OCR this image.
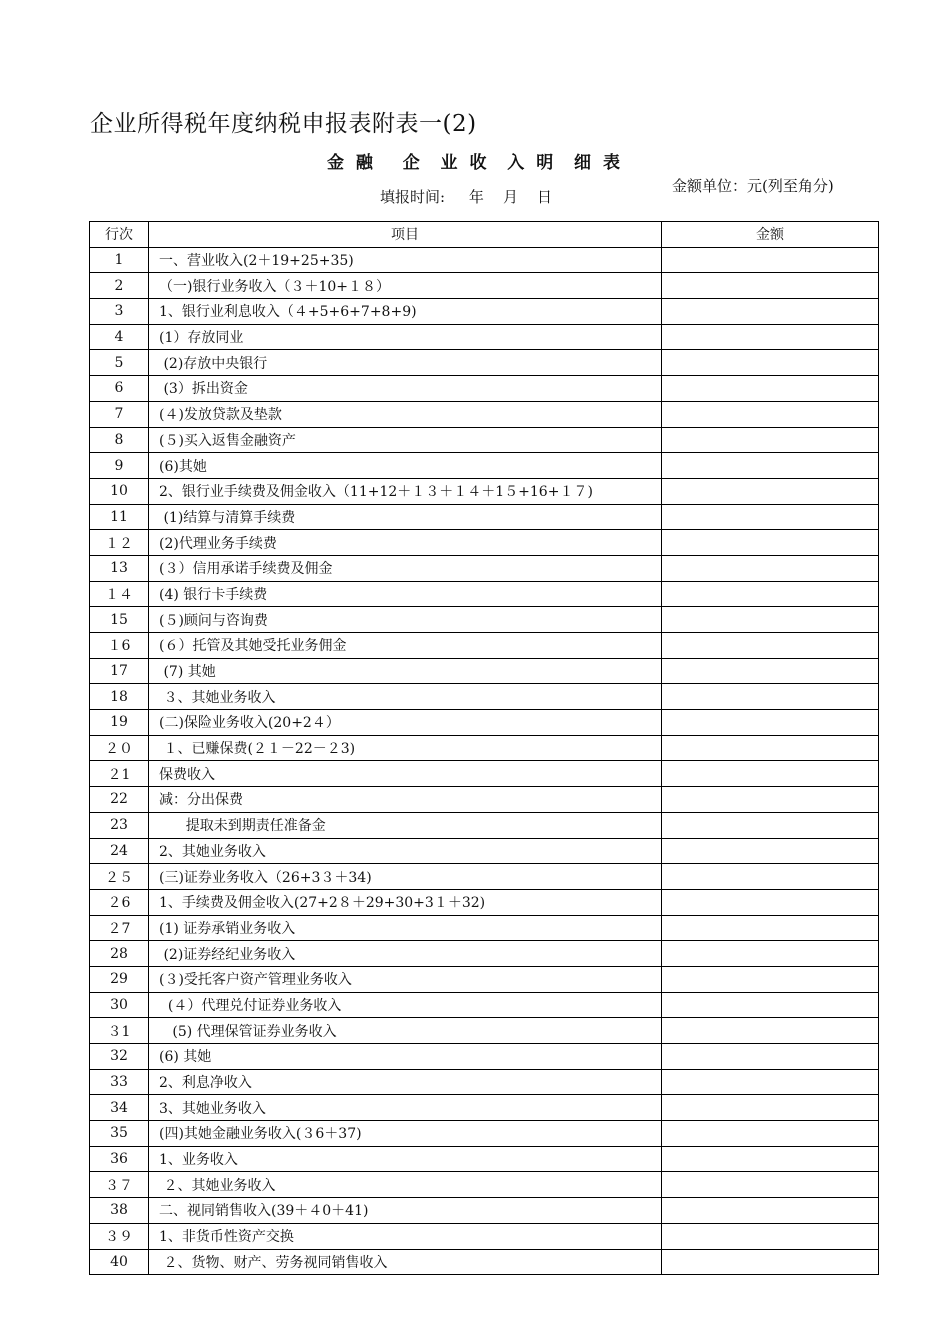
企业所得税年度纳税申报表附表一(2)
金 融   企  业 收  入 明  细 表
填报时间:     年    月    日
金额单位：元(列至角分)
行次	项目	金额
1	一、营业收入(2＋19+25+35)	
2	（一)银行业务收入（３＋10+１８）	
3	1、银行业利息收入（４+5+6+7+8+9)	
4	(1）存放同业	
5	(2)存放中央银行	
6	(3）拆出资金	
7	(４)发放贷款及垫款	
8	(５)买入返售金融资产	
9	(6)其她	
10	2、银行业手续费及佣金收入（11+12＋１３＋１４＋1５+16+１７)	
11	(1)结算与清算手续费	
１２	(2)代理业务手续费	
13	(３）信用承诺手续费及佣金	
１４	(4) 银行卡手续费	
15	(５)顾问与咨询费	
１6	(６）托管及其她受托业务佣金	
17	(7) 其她	
18	３、其她业务收入	
19	(二)保险业务收入(20+2４）	
２０	１、已赚保费(２１－22－２3)	
２1	保费收入	
22	减：分出保费	
23	提取未到期责任准备金	
24	2、其她业务收入	
２５	(三)证券业务收入（26+3３＋34)	
２6	1、手续费及佣金收入(27+2８＋29+30+3１＋32)	
２7	(1) 证券承销业务收入	
28	(2)证券经纪业务收入	
29	(３)受托客户资产管理业务收入	
30	(４）代理兑付证券业务收入	
３1	(5) 代理保管证券业务收入	
32	(6) 其她	
33	2、利息净收入	
34	3、其她业务收入	
35	(四)其她金融业务收入(３6＋37)	
36	1、业务收入	
３７	２、其她业务收入	
38	二、视同销售收入(39＋４0＋41)	
３９	1、非货币性资产交换	
40	２、货物、财产、劳务视同销售收入	
